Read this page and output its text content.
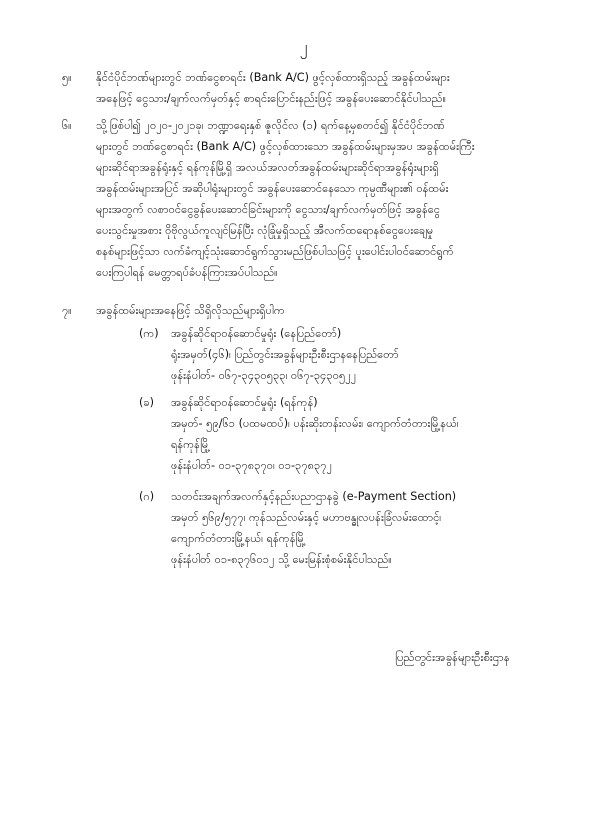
၂
၅။	နိုင်ငံပိုင်ဘဏ်များတွင် ဘဏ်ငွေစာရင်း (Bank A/C) ဖွင့်လှစ်ထားရှိသည့် အခွန်ထမ်းများ
အနေဖြင့် ငွေသား/ချက်လက်မှတ်နှင့် စာရင်းပြောင်းနည်းဖြင့် အခွန်ပေးဆောင်နိုင်ပါသည်။
၆။	သို့ဖြစ်ပါ၍ ၂၀၂၀-၂၀၂၁ခု၊ ဘဏ္ဍာရေးနှစ် ဇူလိုင်လ (၁) ရက်နေ့မှစတင်၍ နိုင်ငံပိုင်ဘဏ်
များတွင် ဘဏ်ငွေစာရင်း (Bank A/C) ဖွင့်လှစ်ထားသော အခွန်ထမ်းများမှအပ အခွန်ထမ်းကြီး
များဆိုင်ရာအခွန်ရုံးနှင့် ရန်ကုန်မြို့ရှိ အလယ်အလတ်အခွန်ထမ်းများဆိုင်ရာအခွန်ရုံးများရှိ
အခွန်ထမ်းများအပြင် အဆိုပါရုံးများတွင် အခွန်ပေးဆောင်နေသော ကုမ္ပဏီများ၏ ဝန်ထမ်း
များအတွက် လစာဝင်ငွေခွန်ပေးဆောင်ခြင်းများကို ငွေသား/ချက်လက်မှတ်ဖြင့် အခွန်ငွေ
ပေးသွင်းမှုအစား ဝိုဗိုလွယ်ကူလျင်မြန်ပြီး လုံခြုံမှုရှိသည့် အီလက်ထရောနစ်ငွေပေးချေမှု
စနစ်များဖြင့်သာ လက်ခံကျင့်သုံးဆောင်ရွက်သွားမည်ဖြစ်ပါသဖြင့် ပူးပေါင်းပါဝင်ဆောင်ရွက်
ပေးကြပါရန် မေတ္တာရပ်ခံပန်ကြားအပ်ပါသည်။
၇။	အခွန်ထမ်းများအနေဖြင့် သိရှိလိုသည်များရှိပါက
(က)	အခွန်ဆိုင်ရာဝန်ဆောင်မှုရုံး (နေပြည်တော်)
ရုံးအမှတ်(၄၆)၊ ပြည်တွင်းအခွန်များဦးစီးဌာနနေပြည်တော်
ဖုန်းနံပါတ်- ၀၆၇-၃၄၃၀၅၃၃၊ ၀၆၇-၃၄၃၀၅၂၂
(ခ)	အခွန်ဆိုင်ရာဝန်ဆောင်မှုရုံး (ရန်ကုန်)
အမှတ်- ၅၉/၆၁ (ပထမထပ်)၊ ပန်းဆိုးတန်းလမ်း၊ ကျောက်တံတားမြို့နယ်၊
ရန်ကုန်မြို့
ဖုန်းနံပါတ်- ၀၁-၃၇၈၃၇၀၊ ၀၁-၃၇၈၃၇၂
(ဂ)	သတင်းအချက်အလက်နှင့်နည်းပညာဌာနခွဲ (e-Payment Section)
အမှတ် ၅၆၉/၅၇၇၊ ကုန်သည်လမ်းနှင့် မဟာဗန္ဓုလပန်းခြံလမ်းထောင့်၊
ကျောက်တံတားမြို့နယ်၊ ရန်ကုန်မြို့
ဖုန်းနံပါတ် ၀၁-၈၃၇၆၀၁၂ သို့ မေးမြန်းစုံစမ်းနိုင်ပါသည်။
ပြည်တွင်းအခွန်များဦးစီးဌာန
